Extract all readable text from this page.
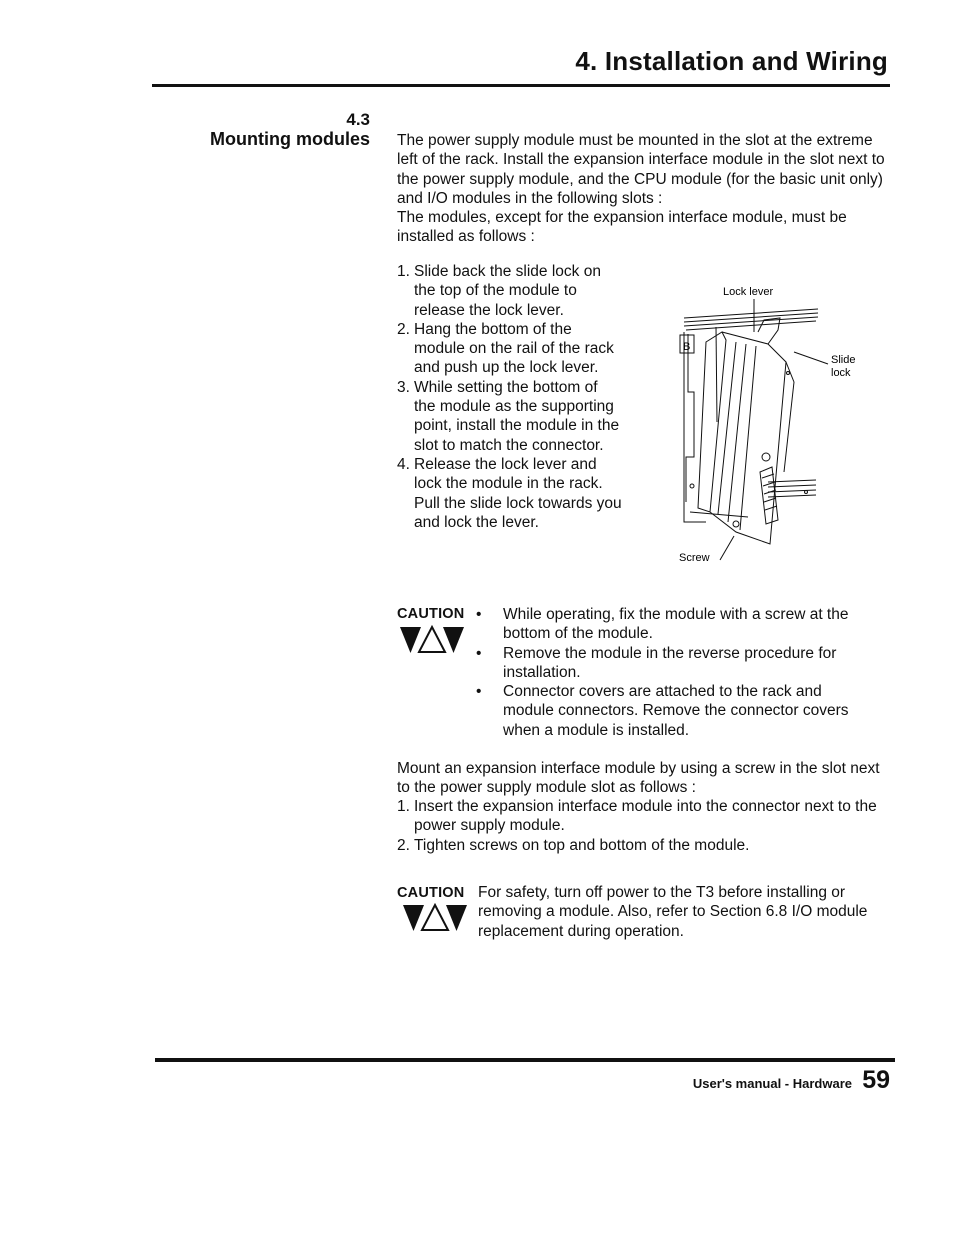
4. Installation and Wiring
4.3
Mounting modules The power supply module must be mounted in the slot at the extreme left of the rack. Install the expansion interface module in the slot next to the power supply module, and the CPU module (for the basic unit only) and I/O modules in the following slots :
The modules, except for the expansion interface module, must be installed as follows :

1. Slide back the slide lock on the top of the module to release the lock lever.
2. Hang the bottom of the module on the rail of the rack and push up the lock lever.
3. While setting the bottom of the module as the supporting point, install the module in the slot to match the connector.
4. Release the lock lever and lock the module in the rack. Pull the slide lock towards you and lock the lever.
Lock lever
B
Slide lock
Screw
CAUTION • While operating, fix the module with a screw at the bottom of the module.
• Remove the module in the reverse procedure for installation.
• Connector covers are attached to the rack and module connectors. Remove the connector covers when a module is installed.

Mount an expansion interface module by using a screw in the slot next to the power supply module slot as follows :

1. Insert the expansion interface module into the connector next to the power supply module.
2. Tighten screws on top and bottom of the module.
CAUTION For safety, turn off power to the T3 before installing or removing a module. Also, refer to Section 6.8 I/O module replacement during operation.

User's manual - Hardware 59
